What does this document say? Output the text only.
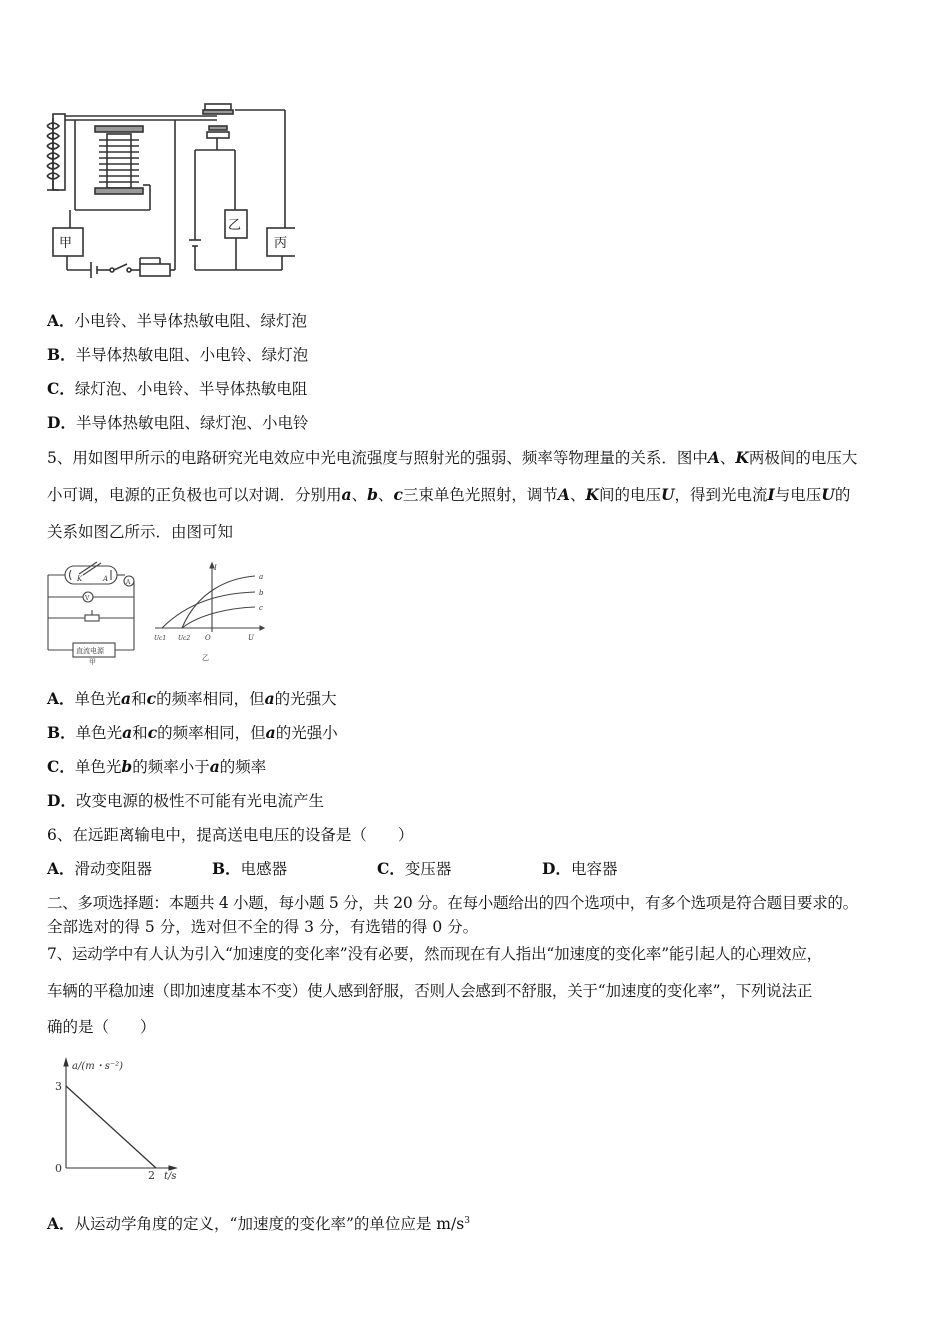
甲
乙
丙
A．小电铃、半导体热敏电阻、绿灯泡
B．半导体热敏电阻、小电铃、绿灯泡
C．绿灯泡、小电铃、半导体热敏电阻
D．半导体热敏电阻、绿灯泡、小电铃
5、用如图甲所示的电路研究光电效应中光电流强度与照射光的强弱、频率等物理量的关系．图中A、K两极间的电压大
小可调，电源的正负极也可以对调．分别用a、b、c三束单色光照射，调节A、K间的电压U，得到光电流I与电压U的
关系如图乙所示．由图可知
K	A	A
V
直流电源
甲
I
U
O
Uc1 Uc2
a
b
c
乙
A．单色光a和c的频率相同，但a的光强大
B．单色光a和c的频率相同，但a的光强小
C．单色光b的频率小于a的频率
D．改变电源的极性不可能有光电流产生
6、在远距离输电中，提高送电电压的设备是（　　）
A．滑动变阻器	B．电感器	C．变压器	D．电容器
二、多项选择题：本题共 4 小题，每小题 5 分，共 20 分。在每小题给出的四个选项中，有多个选项是符合题目要求的。
全部选对的得 5 分，选对但不全的得 3 分，有选错的得 0 分。
7、运动学中有人认为引入“加速度的变化率”没有必要，然而现在有人指出“加速度的变化率”能引起人的心理效应，
车辆的平稳加速（即加速度基本不变）使人感到舒服，否则人会感到不舒服，关于“加速度的变化率”，下列说法正
确的是（　　）
a/(m・s⁻²)
3
0
2 t/s
A．从运动学角度的定义，“加速度的变化率”的单位应是 $m/s^3$
